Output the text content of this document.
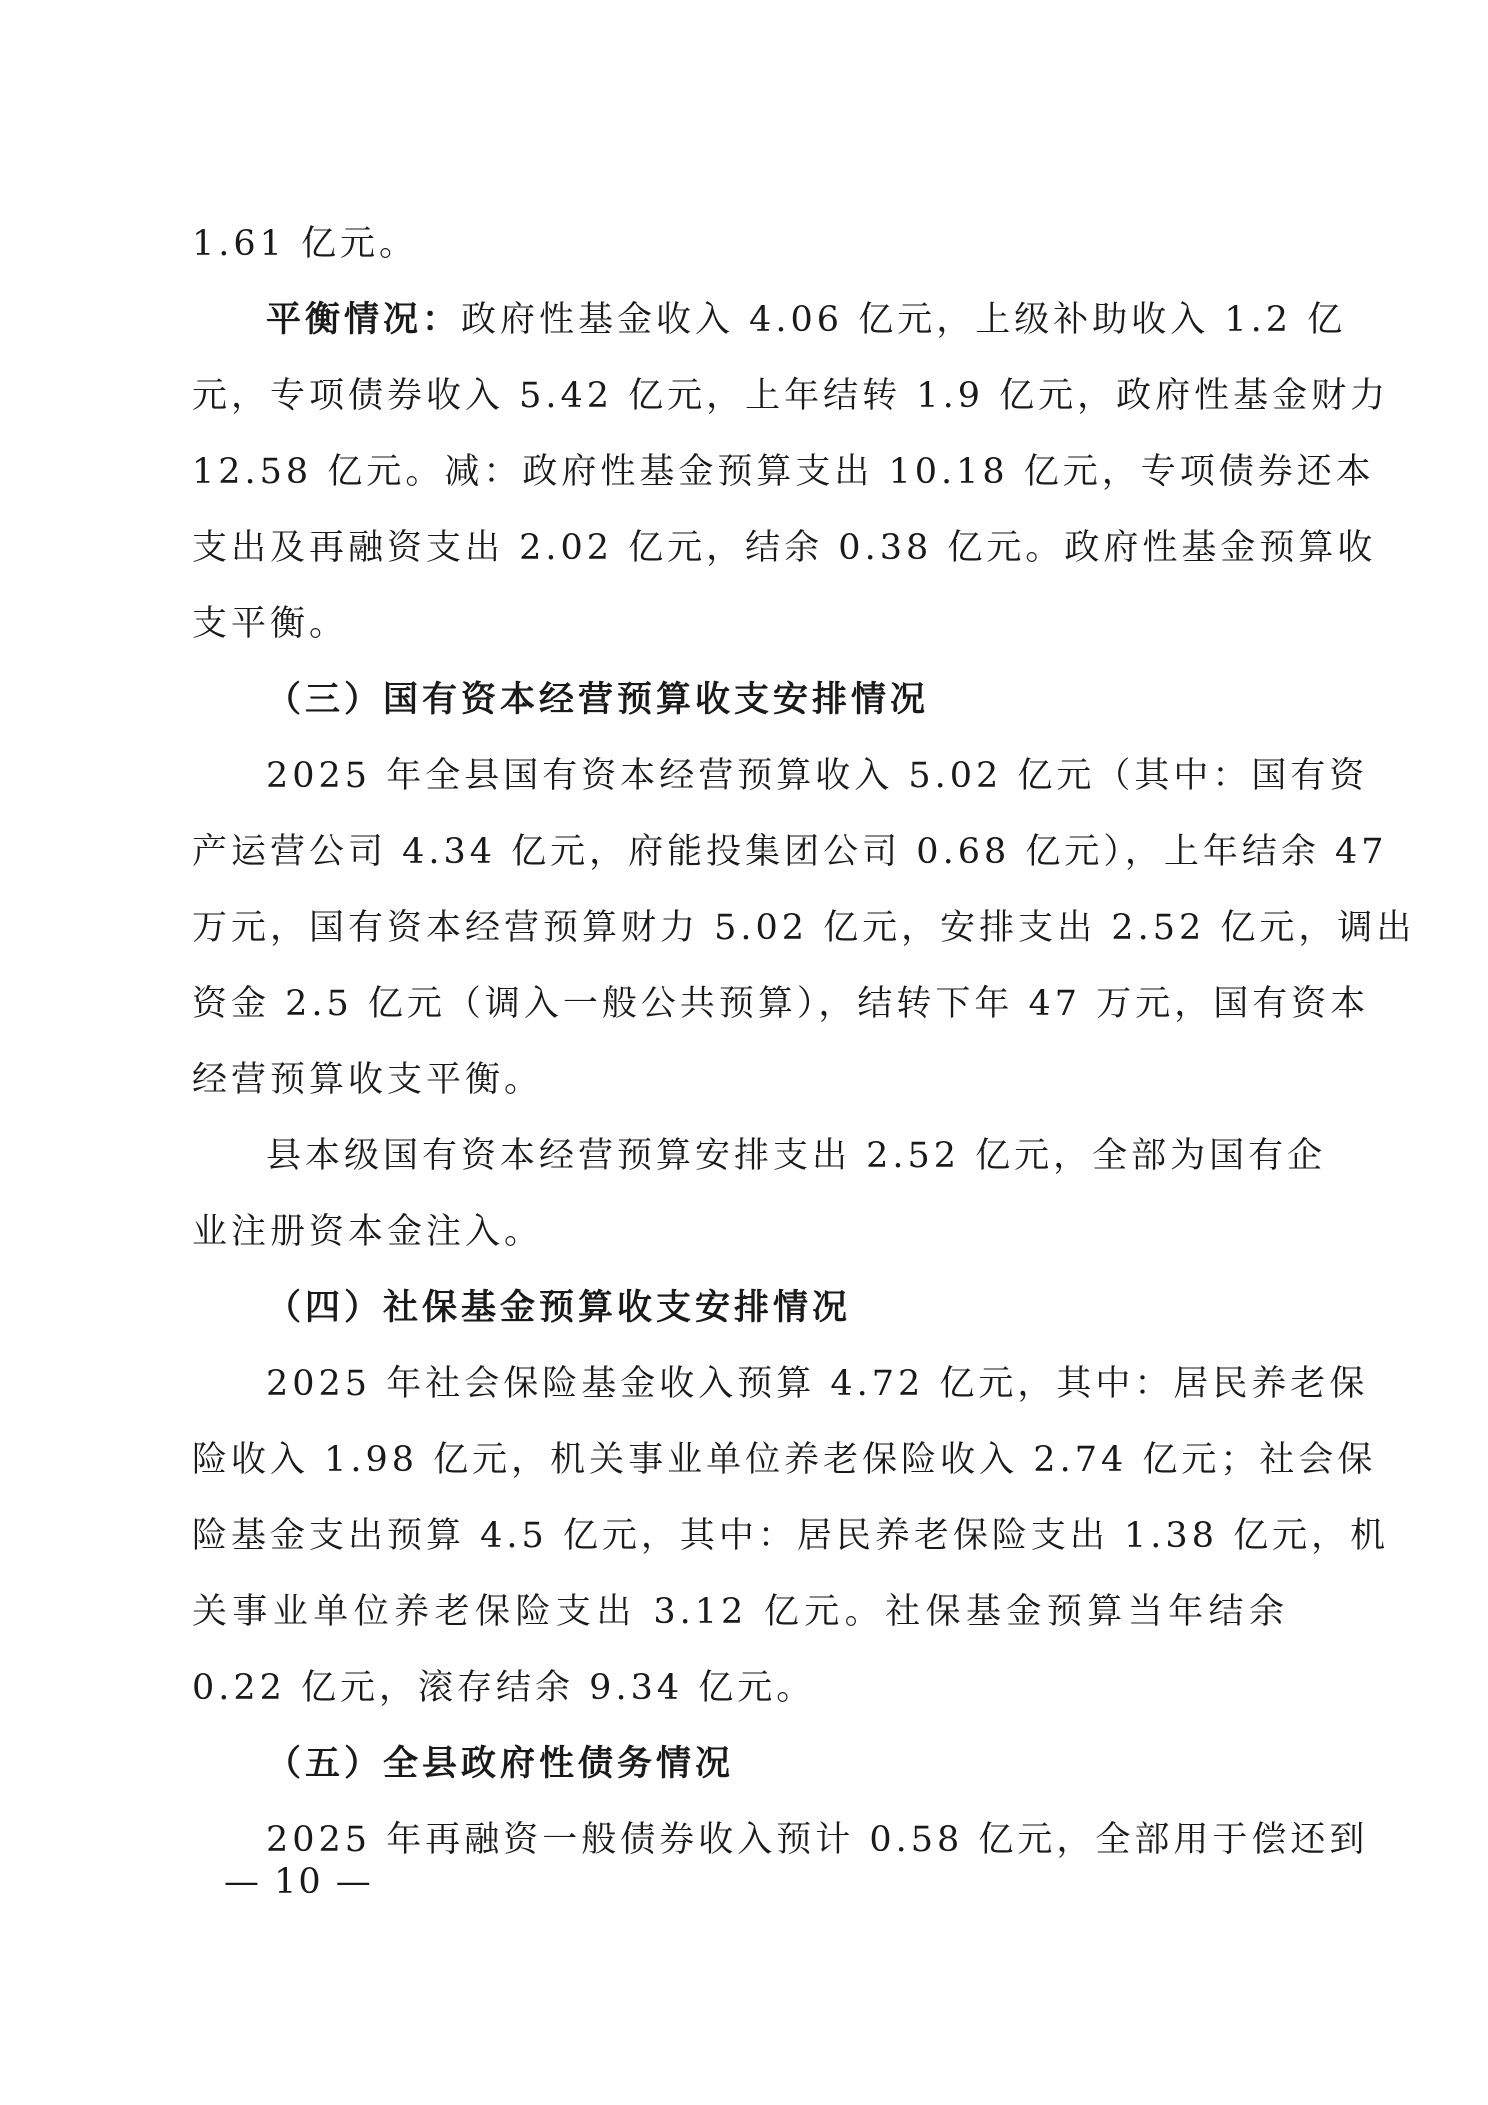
1.61 亿元。
平衡情况：政府性基金收入 4.06 亿元，上级补助收入 1.2 亿
元，专项债券收入 5.42 亿元，上年结转 1.9 亿元，政府性基金财力
12.58 亿元。减：政府性基金预算支出 10.18 亿元，专项债券还本
支出及再融资支出 2.02 亿元，结余 0.38 亿元。政府性基金预算收
支平衡。
（三）国有资本经营预算收支安排情况
2025 年全县国有资本经营预算收入 5.02 亿元（其中：国有资
产运营公司 4.34 亿元，府能投集团公司 0.68 亿元），上年结余 47
万元，国有资本经营预算财力 5.02 亿元，安排支出 2.52 亿元，调出
资金 2.5 亿元（调入一般公共预算），结转下年 47 万元，国有资本
经营预算收支平衡。
县本级国有资本经营预算安排支出 2.52 亿元，全部为国有企
业注册资本金注入。
（四）社保基金预算收支安排情况
2025 年社会保险基金收入预算 4.72 亿元，其中：居民养老保
险收入 1.98 亿元，机关事业单位养老保险收入 2.74 亿元；社会保
险基金支出预算 4.5 亿元，其中：居民养老保险支出 1.38 亿元，机
关事业单位养老保险支出 3.12 亿元。社保基金预算当年结余
0.22 亿元，滚存结余 9.34 亿元。
（五）全县政府性债务情况
2025 年再融资一般债券收入预计 0.58 亿元，全部用于偿还到
— 10 —
